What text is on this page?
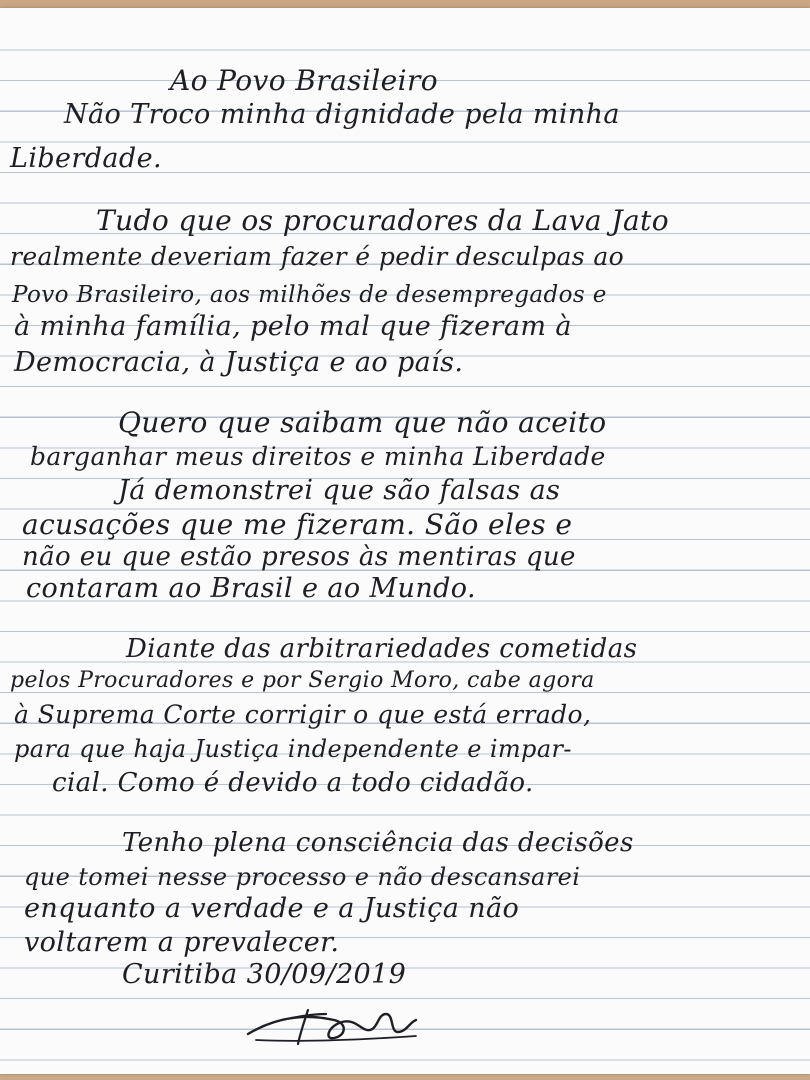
Ao Povo Brasileiro
Não Troco minha dignidade pela minha
Liberdade.
Tudo que os procuradores da Lava Jato
realmente deveriam fazer é pedir desculpas ao
Povo Brasileiro, aos milhões de desempregados e
à minha família, pelo mal que fizeram à
Democracia, à Justiça e ao país.
Quero que saibam que não aceito
barganhar meus direitos e minha Liberdade
Já demonstrei que são falsas as
acusações que me fizeram. São eles e
não eu que estão presos às mentiras que
contaram ao Brasil e ao Mundo.
Diante das arbitrariedades cometidas
pelos Procuradores e por Sergio Moro, cabe agora
à Suprema Corte corrigir o que está errado,
para que haja Justiça independente e impar-
cial. Como é devido a todo cidadão.
Tenho plena consciência das decisões
que tomei nesse processo e não descansarei
enquanto a verdade e a Justiça não
voltarem a prevalecer.
Curitiba 30/09/2019
